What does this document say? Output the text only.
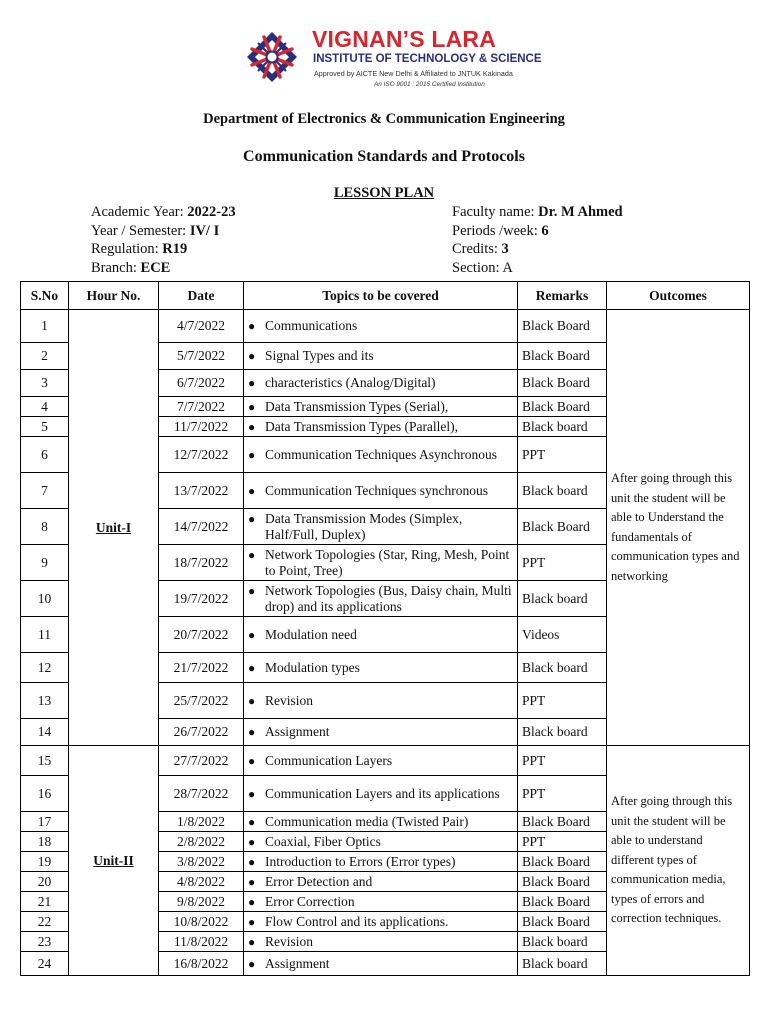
VIGNAN’S LARA
INSTITUTE OF TECHNOLOGY & SCIENCE
Approved by AICTE New Delhi & Affiliated to JNTUK Kakinada
An ISO 9001 : 2015 Certified Institution
Department of Electronics & Communication Engineering
Communication Standards and Protocols
LESSON PLAN
Academic Year: 2022-23
Year / Semester: IV/ I
Regulation: R19
Branch: ECE
Faculty name: Dr. M Ahmed
Periods /week: 6
Credits: 3
Section: A
S.No	Hour No.	Date	Topics to be covered	Remarks	Outcomes
1	Unit-I	4/7/2022	● Communications	Black Board	After going through this unit the student will be able to Understand the fundamentals of communication types and networking
2		5/7/2022	● Signal Types and its	Black Board	
3		6/7/2022	● characteristics (Analog/Digital)	Black Board	
4		7/7/2022	● Data Transmission Types (Serial),	Black Board	
5		11/7/2022	● Data Transmission Types (Parallel),	Black board	
6		12/7/2022	● Communication Techniques Asynchronous	PPT	
7		13/7/2022	● Communication Techniques synchronous	Black board	
8		14/7/2022	● Data Transmission Modes (Simplex, Half/Full, Duplex)	Black Board	
9		18/7/2022	● Network Topologies (Star, Ring, Mesh, Point to Point, Tree)	PPT	
10		19/7/2022	● Network Topologies (Bus, Daisy chain, Multi drop) and its applications	Black board	
11		20/7/2022	● Modulation need	Videos	
12		21/7/2022	● Modulation types	Black board	
13		25/7/2022	● Revision	PPT	
14		26/7/2022	● Assignment	Black board	
15	Unit-II	27/7/2022	● Communication Layers	PPT	After going through this unit the student will be able to understand different types of communication media, types of errors and correction techniques.
16		28/7/2022	● Communication Layers and its applications	PPT	
17		1/8/2022	● Communication media (Twisted Pair)	Black Board	
18		2/8/2022	● Coaxial, Fiber Optics	PPT	
19		3/8/2022	● Introduction to Errors (Error types)	Black Board	
20		4/8/2022	● Error Detection and	Black Board	
21		9/8/2022	● Error Correction	Black Board	
22		10/8/2022	● Flow Control and its applications.	Black Board	
23		11/8/2022	● Revision	Black board	
24		16/8/2022	● Assignment	Black board	
